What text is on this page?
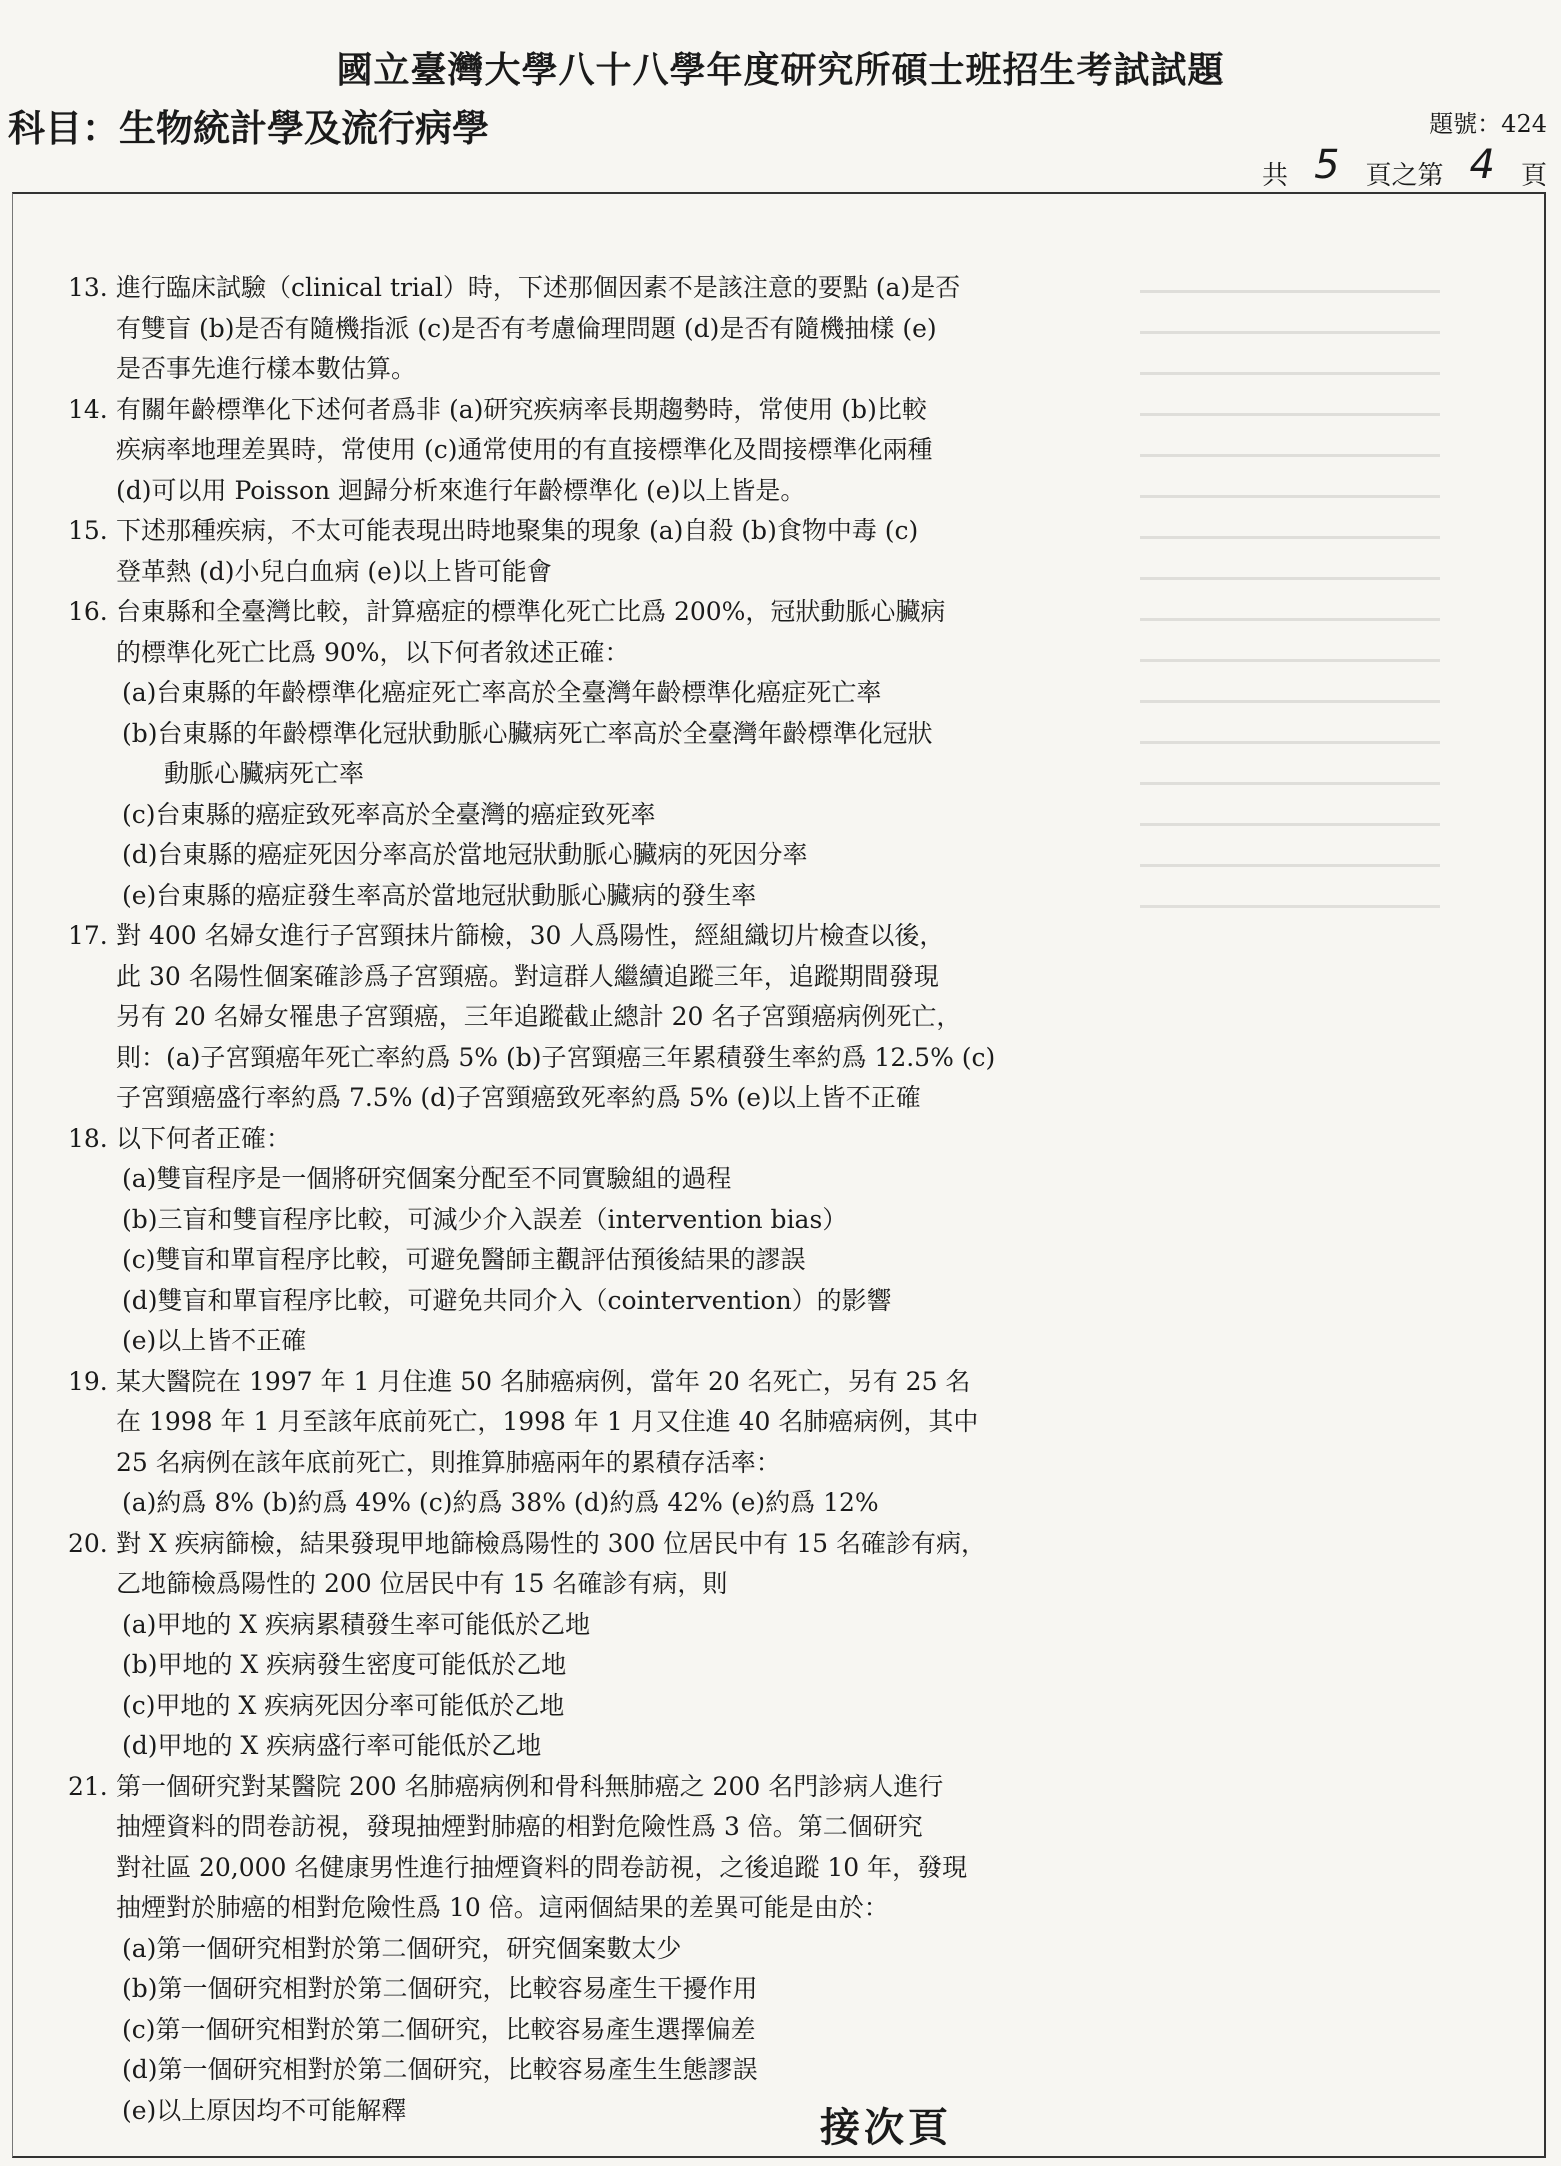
國立臺灣大學八十八學年度研究所碩士班招生考試試題
科目：生物統計學及流行病學	題號：424
共 5 頁之第 4 頁
13. 進行臨床試驗（clinical trial）時，下述那個因素不是該注意的要點 (a)是否
有雙盲 (b)是否有隨機指派 (c)是否有考慮倫理問題 (d)是否有隨機抽樣 (e)
是否事先進行樣本數估算。
14. 有關年齡標準化下述何者爲非 (a)研究疾病率長期趨勢時，常使用 (b)比較
疾病率地理差異時，常使用 (c)通常使用的有直接標準化及間接標準化兩種
(d)可以用 Poisson 迴歸分析來進行年齡標準化 (e)以上皆是。
15. 下述那種疾病，不太可能表現出時地聚集的現象 (a)自殺 (b)食物中毒 (c)
登革熱 (d)小兒白血病 (e)以上皆可能會
16. 台東縣和全臺灣比較，計算癌症的標準化死亡比爲 200%，冠狀動脈心臟病
的標準化死亡比爲 90%，以下何者敘述正確：
(a)台東縣的年齡標準化癌症死亡率高於全臺灣年齡標準化癌症死亡率
(b)台東縣的年齡標準化冠狀動脈心臟病死亡率高於全臺灣年齡標準化冠狀
動脈心臟病死亡率
(c)台東縣的癌症致死率高於全臺灣的癌症致死率
(d)台東縣的癌症死因分率高於當地冠狀動脈心臟病的死因分率
(e)台東縣的癌症發生率高於當地冠狀動脈心臟病的發生率
17. 對 400 名婦女進行子宮頸抹片篩檢，30 人爲陽性，經組織切片檢查以後，
此 30 名陽性個案確診爲子宮頸癌。對這群人繼續追蹤三年，追蹤期間發現
另有 20 名婦女罹患子宮頸癌，三年追蹤截止總計 20 名子宮頸癌病例死亡，
則：(a)子宮頸癌年死亡率約爲 5% (b)子宮頸癌三年累積發生率約爲 12.5% (c)
子宮頸癌盛行率約爲 7.5% (d)子宮頸癌致死率約爲 5% (e)以上皆不正確
18. 以下何者正確：
(a)雙盲程序是一個將研究個案分配至不同實驗組的過程
(b)三盲和雙盲程序比較，可減少介入誤差（intervention bias）
(c)雙盲和單盲程序比較，可避免醫師主觀評估預後結果的謬誤
(d)雙盲和單盲程序比較，可避免共同介入（cointervention）的影響
(e)以上皆不正確
19. 某大醫院在 1997 年 1 月住進 50 名肺癌病例，當年 20 名死亡，另有 25 名
在 1998 年 1 月至該年底前死亡，1998 年 1 月又住進 40 名肺癌病例，其中
25 名病例在該年底前死亡，則推算肺癌兩年的累積存活率：
(a)約爲 8% (b)約爲 49% (c)約爲 38% (d)約爲 42% (e)約爲 12%
20. 對 X 疾病篩檢，結果發現甲地篩檢爲陽性的 300 位居民中有 15 名確診有病，
乙地篩檢爲陽性的 200 位居民中有 15 名確診有病，則
(a)甲地的 X 疾病累積發生率可能低於乙地
(b)甲地的 X 疾病發生密度可能低於乙地
(c)甲地的 X 疾病死因分率可能低於乙地
(d)甲地的 X 疾病盛行率可能低於乙地
21. 第一個研究對某醫院 200 名肺癌病例和骨科無肺癌之 200 名門診病人進行
抽煙資料的問卷訪視，發現抽煙對肺癌的相對危險性爲 3 倍。第二個研究
對社區 20,000 名健康男性進行抽煙資料的問卷訪視，之後追蹤 10 年，發現
抽煙對於肺癌的相對危險性爲 10 倍。這兩個結果的差異可能是由於：
(a)第一個研究相對於第二個研究，研究個案數太少
(b)第一個研究相對於第二個研究，比較容易產生干擾作用
(c)第一個研究相對於第二個研究，比較容易產生選擇偏差
(d)第一個研究相對於第二個研究，比較容易產生生態謬誤
(e)以上原因均不可能解釋	接次頁
